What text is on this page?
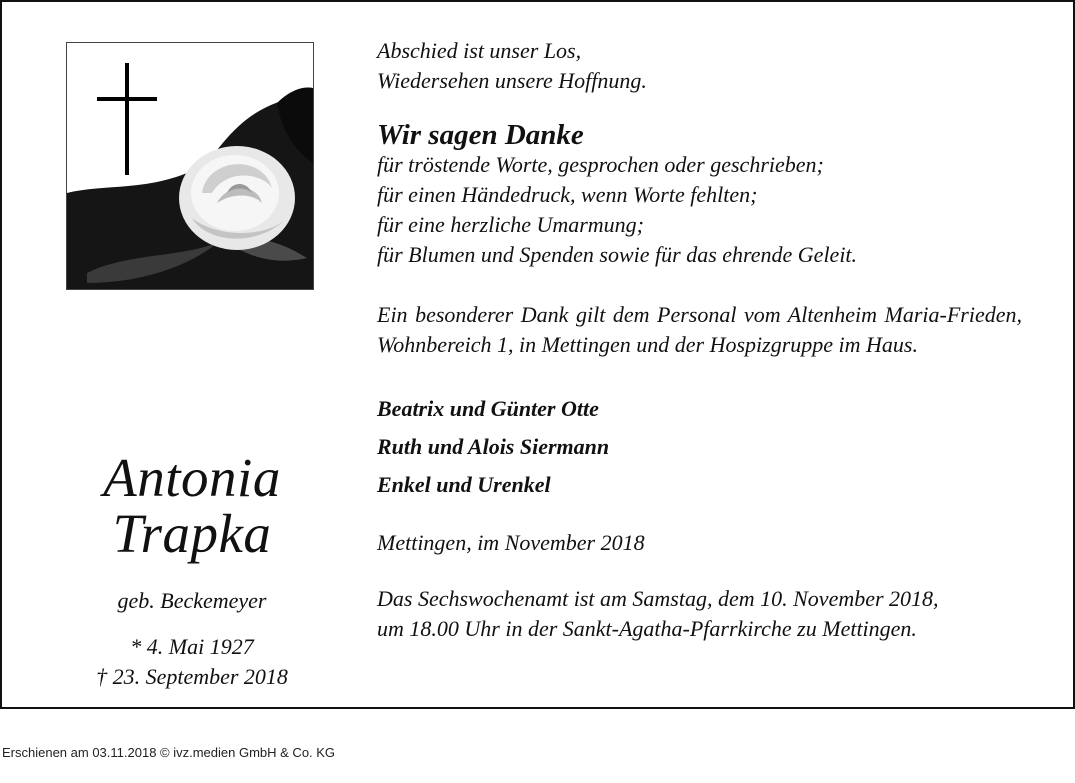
Antonia
Trapka
geb. Beckemeyer
* 4. Mai 1927
† 23. September 2018

Abschied ist unser Los,

Wiedersehen unsere Hoffnung.

Wir sagen Danke

für tröstende Worte, gesprochen oder geschrieben;

für einen Händedruck, wenn Worte fehlten;

für eine herzliche Umarmung;

für Blumen und Spenden sowie für das ehrende Geleit.

Ein besonderer Dank gilt dem Personal vom Altenheim Maria-Frieden, Wohnbereich 1, in Mettingen und der Hospizgruppe im Haus.

Beatrix und Günter Otte

Ruth und Alois Siermann

Enkel und Urenkel

Mettingen, im November 2018

Das Sechswochenamt ist am Samstag, dem 10. November 2018,

um 18.00 Uhr in der Sankt-Agatha-Pfarrkirche zu Mettingen.

Erschienen am 03.11.2018 © ivz.medien GmbH & Co. KG
